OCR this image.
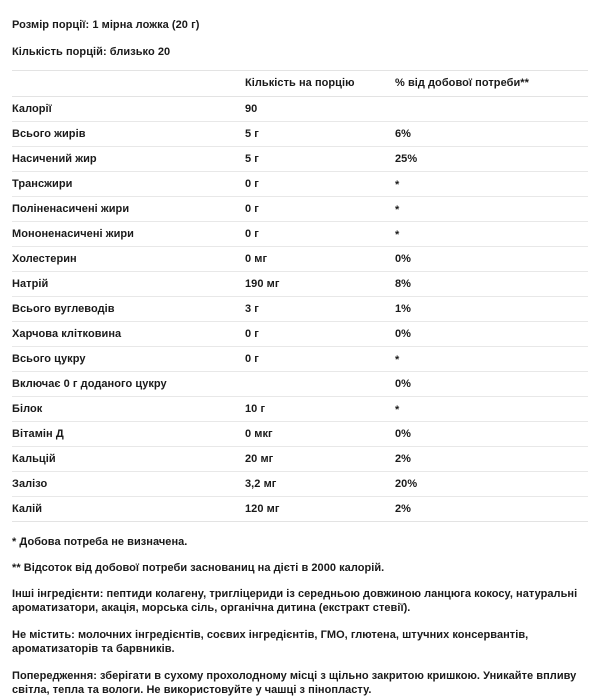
Розмір порції: 1 мірна ложка (20 г)

Кількість порцій: близько 20

	Кількість на порцію	% від добової потреби**
Калорії	90	
Всього жирів	5 г	6%
Насичений жир	5 г	25%
Трансжири	0 г	*
Поліненасичені жири	0 г	*
Мононенасичені жири	0 г	*
Холестерин	0 мг	0%
Натрій	190 мг	8%
Всього вуглеводів	3 г	1%
Харчова клітковина	0 г	0%
Всього цукру	0 г	*
Включає 0 г доданого цукру		0%
Білок	10 г	*
Вітамін Д	0 мкг	0%
Кальцій	20 мг	2%
Залізо	3,2 мг	20%
Калій	120 мг	2%

* Добова потреба не визначена.

** Відсоток від добової потреби заснованиц на дієті в 2000 калорій.

Інші інгредієнти: пептиди колагену, тригліцериди із середньою довжиною ланцюга кокосу, натуральні ароматизатори, акація, морська сіль, органічна дитина (екстракт стевії).

Не містить: молочних інгредієнтів, соєвих інгредієнтів, ГМО, глютена, штучних консервантів, ароматизаторів та барвників.

Попередження: зберігати в сухому прохолодному місці з щільно закритою кришкою. Уникайте впливу світла, тепла та вологи. Не використовуйте у чашці з пінопласту.
